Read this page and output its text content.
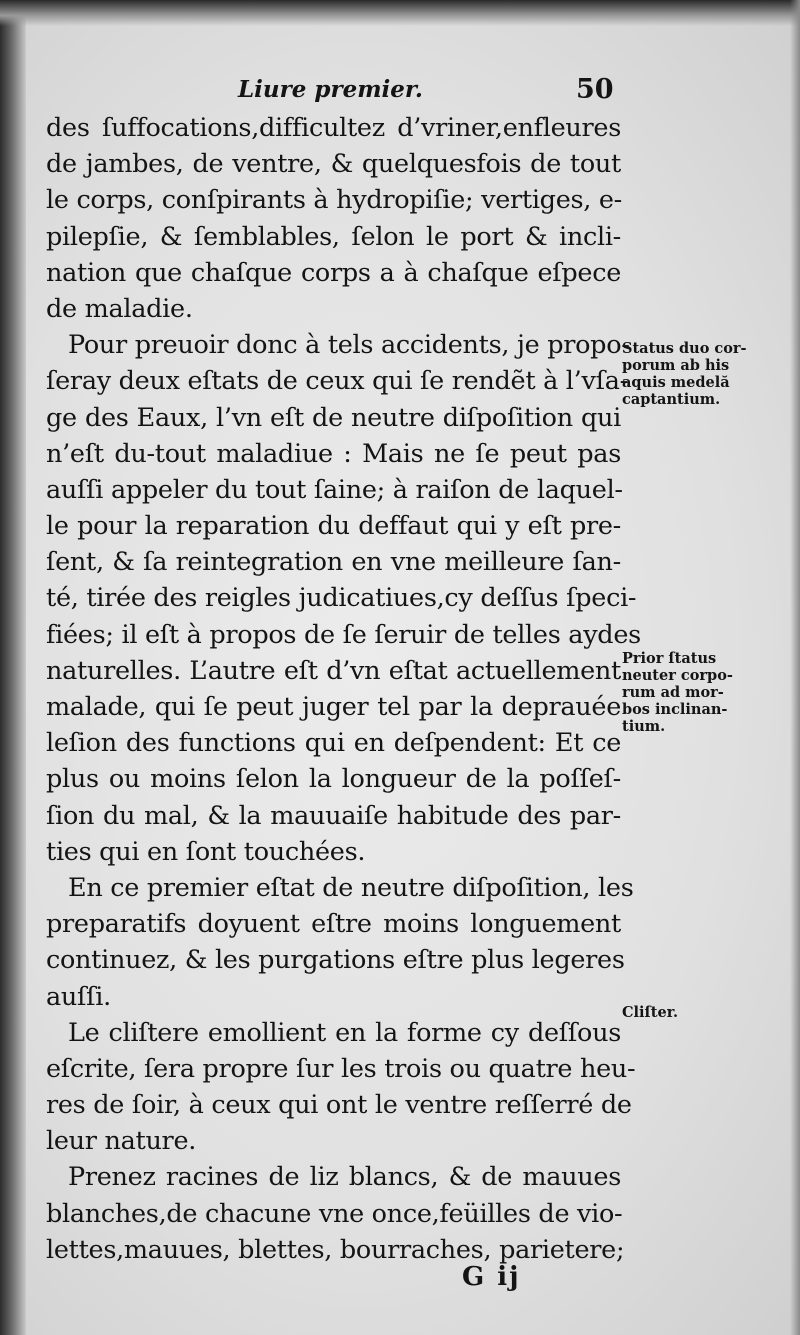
Liure premier.	50
des ſuffocations,difficultez d’vriner,enfleures
de jambes, de ventre, & quelquesfois de tout
le corps, conſpirants à hydropiſie; vertiges, e-
pilepſie, & ſemblables, ſelon le port & incli-
nation que chaſque corps a à chaſque eſpece
de maladie.
Pour preuoir donc à tels accidents, je propo-
ſeray deux eſtats de ceux qui ſe rendẽt à l’vſa-
ge des Eaux, l’vn eſt de neutre diſpoſition qui
n’eſt du-tout maladiue : Mais ne ſe peut pas
auſſi appeler du tout ſaine; à raiſon de laquel-
le pour la reparation du deffaut qui y eſt pre-
ſent, & ſa reintegration en vne meilleure ſan-
té, tirée des reigles judicatiues,cy deſſus ſpeci-
fiées; il eſt à propos de ſe ſeruir de telles aydes
naturelles. L’autre eſt d’vn eſtat actuellement
malade, qui ſe peut juger tel par la deprauée
leſion des functions qui en deſpendent: Et ce
plus ou moins ſelon la longueur de la poſſeſ-
ſion du mal, & la mauuaiſe habitude des par-
ties qui en ſont touchées.
En ce premier eſtat de neutre diſpoſition, les
preparatifs doyuent eſtre moins longuement
continuez, & les purgations eſtre plus legeres
auſſi.
Le cliſtere emollient en la forme cy deſſous
eſcrite, ſera propre ſur les trois ou quatre heu-
res de ſoir, à ceux qui ont le ventre reſſerré de
leur nature.
Prenez racines de liz blancs, & de mauues
blanches,de chacune vne once,feüilles de vio-
lettes,mauues, blettes, bourraches, parietere;
Status duo cor-
porum ab his
aquis medelă
captantium.
Prior ſtatus
neuter corpo-
rum ad mor-
bos inclinan-
tium.
Cliſter.
G ij
